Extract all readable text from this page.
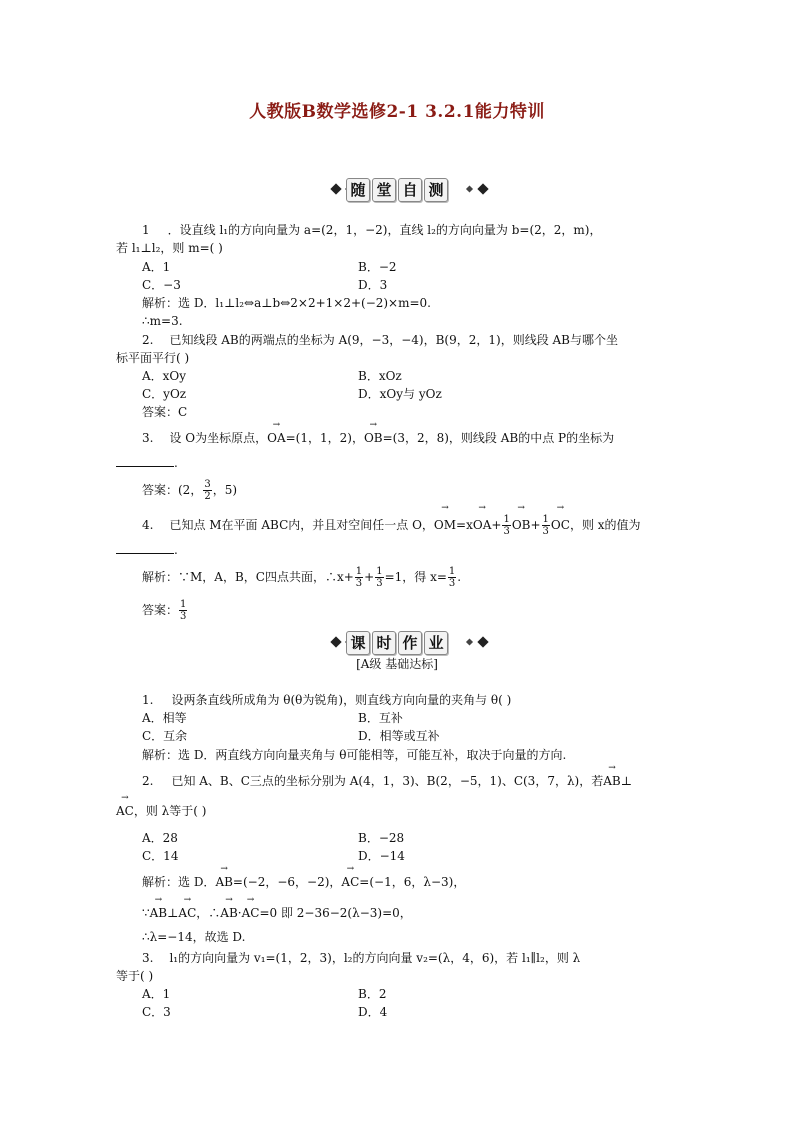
人教版B数学选修2-1 3.2.1能力特训
随 堂 自 测
1 ．设直线 l₁的方向向量为 a=(2，1，−2)，直线 l₂的方向向量为 b=(2，2，m)，
若 l₁⊥l₂，则 m=( )
A．1	B．−2
C．−3	D．3
解析：选 D．l₁⊥l₂⇔a⊥b⇔2×2+1×2+(−2)×m=0.
∴m=3.
2. 已知线段 AB的两端点的坐标为 A(9，−3，−4)，B(9，2，1)，则线段 AB与哪个坐
标平面平行( )
A．xOy	B．xOz
C．yOz	D．xOy与 yOz
答案：C
3. 设 O为坐标原点，→ OA=(1，1，2)，→ OB=(3，2，8)，则线段 AB的中点 P的坐标为
.
答案：(2， $\frac{3}{2}$ ，5)
4. 已知点 M在平面 ABC内，并且对空间任一点 O，→ $OM=x\to OA+ \frac{1}{3}$
→ $OB+ \frac{1}{3}$
→ OC，则 x的值为
.
解析：∵M，A，B，C四点共面，∴x+ $\frac{1}{3} + \frac{1}{3} =1$，得 $x= \frac{1}{3}$ .
答案： $\frac{1}{3}$
课 时 作 业
[A级 基础达标]
1. 设两条直线所成角为 θ(θ为锐角)，则直线方向向量的夹角与 θ( )
A．相等	B．互补
C．互余	D．相等或互补
解析：选 D．两直线方向向量夹角与 θ可能相等，可能互补，取决于向量的方向.
2. 已知 A、B、C三点的坐标分别为 A(4，1，3)、B(2，−5，1)、C(3，7，λ)，若→ AB⊥
→ AC，则 λ等于( )
A．28	B．−28
C．14	D．−14
解析：选 D．→ AB=(−2，−6，−2)，→ AC=(−1，6，λ−3)，
∵→ AB⊥→ AC，∴→ AB·→ AC=0 即 2−36−2(λ−3)=0，
∴λ=−14，故选 D.
3. l₁的方向向量为 v₁=(1，2，3)，l₂的方向向量 v₂=(λ，4，6)，若 l₁∥l₂，则 λ
等于( )
A．1	B．2
C．3	D．4
